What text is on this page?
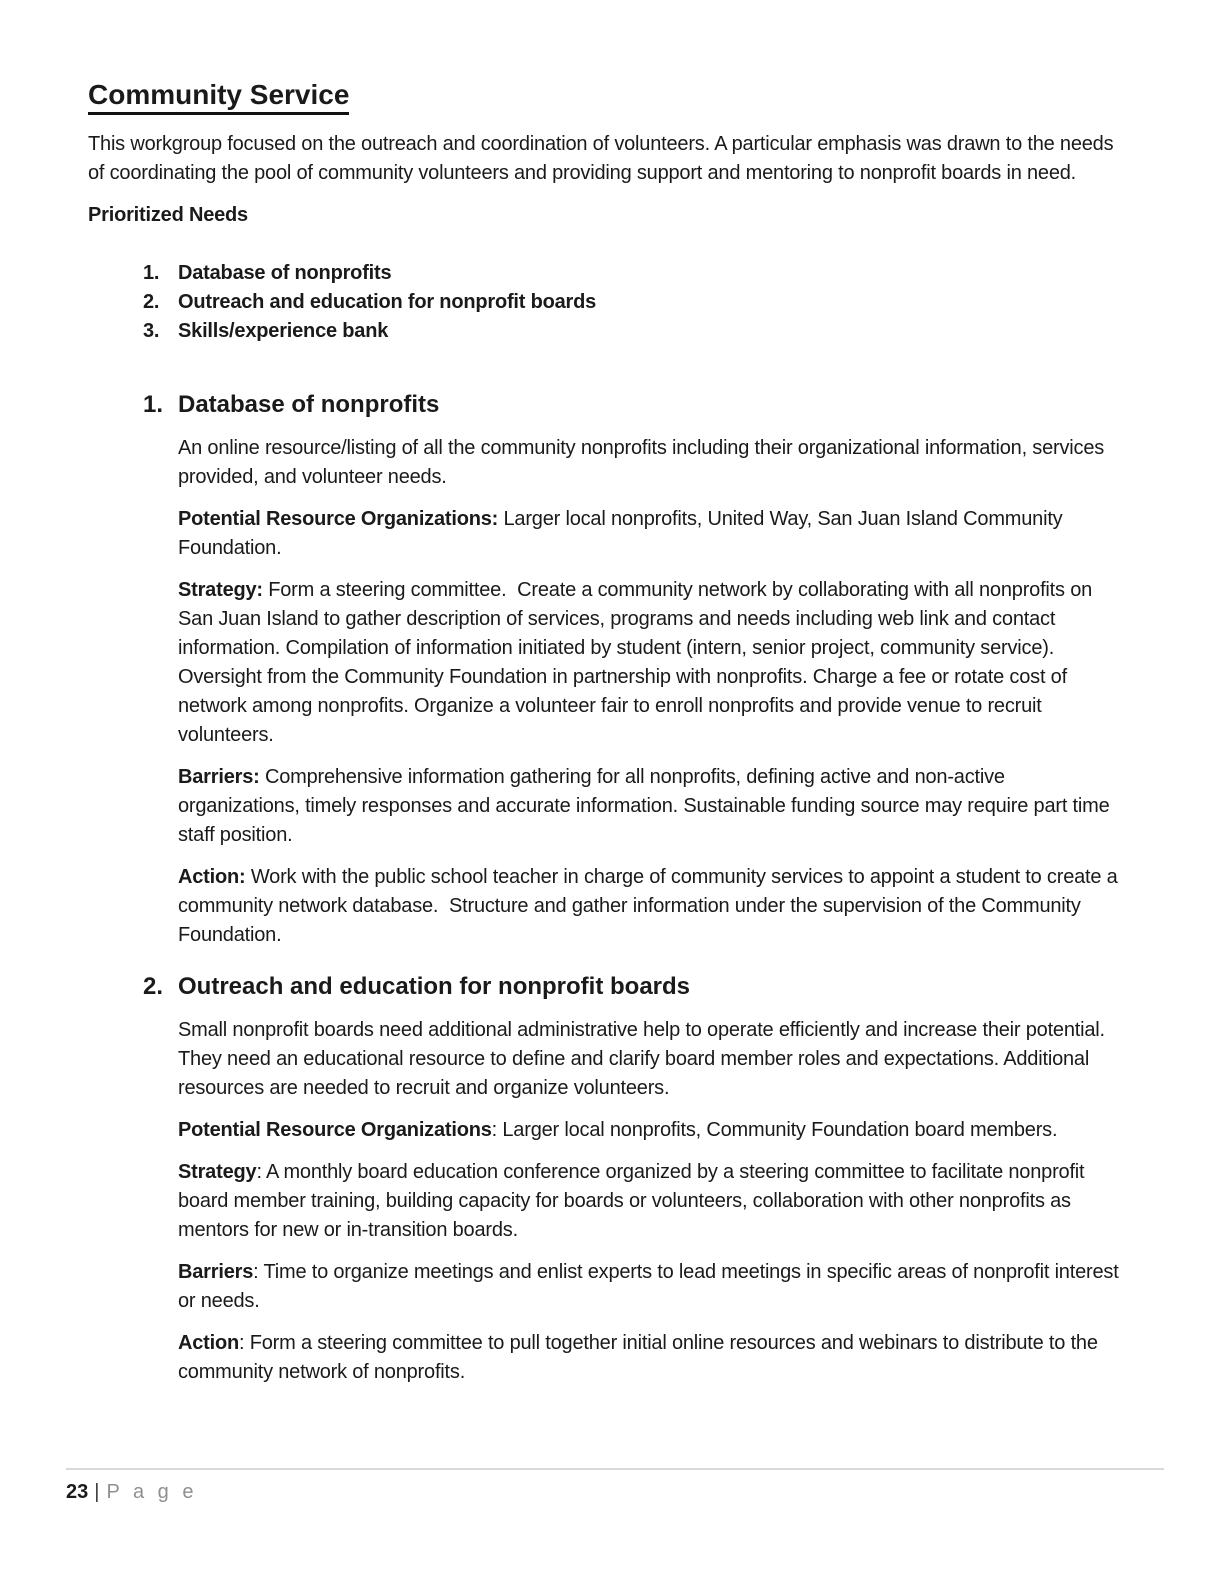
Community Service

This workgroup focused on the outreach and coordination of volunteers. A particular emphasis was drawn to the needs of coordinating the pool of community volunteers and providing support and mentoring to nonprofit boards in need.

Prioritized Needs

1. Database of nonprofits
2. Outreach and education for nonprofit boards
3. Skills/experience bank
1. Database of nonprofits

An online resource/listing of all the community nonprofits including their organizational information, services provided, and volunteer needs.

Potential Resource Organizations: Larger local nonprofits, United Way, San Juan Island Community Foundation.

Strategy: Form a steering committee.  Create a community network by collaborating with all nonprofits on San Juan Island to gather description of services, programs and needs including web link and contact information. Compilation of information initiated by student (intern, senior project, community service). Oversight from the Community Foundation in partnership with nonprofits. Charge a fee or rotate cost of network among nonprofits. Organize a volunteer fair to enroll nonprofits and provide venue to recruit volunteers.

Barriers: Comprehensive information gathering for all nonprofits, defining active and non-active organizations, timely responses and accurate information. Sustainable funding source may require part time staff position.

Action: Work with the public school teacher in charge of community services to appoint a student to create a community network database.  Structure and gather information under the supervision of the Community Foundation.

2. Outreach and education for nonprofit boards

Small nonprofit boards need additional administrative help to operate efficiently and increase their potential. They need an educational resource to define and clarify board member roles and expectations. Additional resources are needed to recruit and organize volunteers.

Potential Resource Organizations: Larger local nonprofits, Community Foundation board members.

Strategy: A monthly board education conference organized by a steering committee to facilitate nonprofit board member training, building capacity for boards or volunteers, collaboration with other nonprofits as mentors for new or in-transition boards.

Barriers: Time to organize meetings and enlist experts to lead meetings in specific areas of nonprofit interest or needs.

Action: Form a steering committee to pull together initial online resources and webinars to distribute to the community network of nonprofits.

23 | P a g e
